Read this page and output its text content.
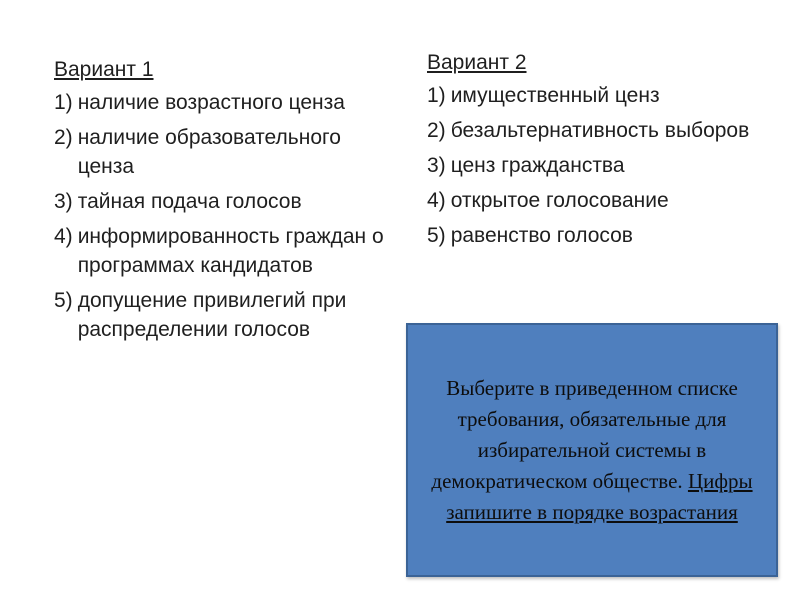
Вариант 1
1) наличие возрастного ценза
2) наличие образовательного ценза
3) тайная подача голосов
4) информированность граждан о программах кандидатов
5) допущение привилегий при распределении голосов
Вариант 2
1) имущественный ценз
2) безальтернативность выборов
3) ценз гражданства
4) открытое голосование
5) равенство голосов
Выберите в приведенном списке требования, обязательные для избирательной системы в демократическом обществе. Цифры запишите в порядке возрастания
